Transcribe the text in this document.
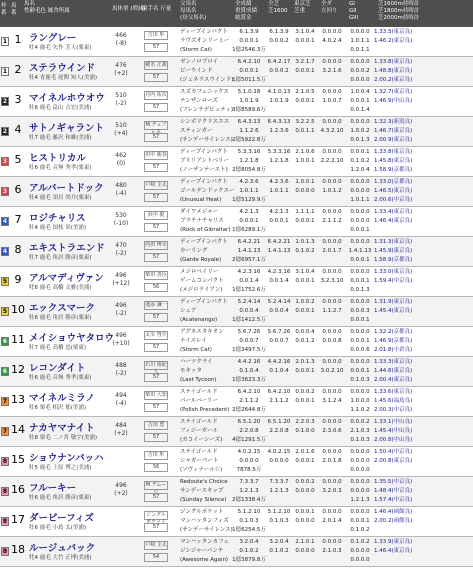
枠番
馬番
馬名
性齢毛色 厩舎所属	馬体重 (増減)
騎手名 斤量
父馬名
母馬名
(母父馬名)
全成績
重賞成績
総賞金
全芝
芝1600
東京芝
芝重
全ダ
左回り
GI
GII
GIII
芝1600m持時計
芝1800m持時計
芝2000m持時計
1 1 ラングレー
牡4 鹿毛 矢作 芳人(栗東)
466 (-8)
吉田 隼
57
ディープインパクト
ラヴズオンリーミー
(Storm Cat)
6.1.3.9
0.0.0.1
1億2546.3万
6.1.3.9
0.0.0.2
3.1.0.4
0.0.0.1
0.0.0.0
4.0.2.4
0.0.0.0
1.0.1.1
0.0.1.1
1.33.5(東京良)
1.46.2(東京良)
1 2 ステラウインド
牡4 青鹿毛 尾関 知人(美浦)
476 (+2)
蛯名 正義
57
ゼンノロブロイ
ビーウインド
(ジェネラスウインド)
6.4.2.10
0.0.0.1
1億5011.5万
6.4.2.17
0.0.0.2
3.2.1.7
0.0.0.1
0.0.0.0
3.2.1.6
0.0.0.0
0.0.0.2
0.0.0.0
1.33.8(東京良)
1.48.8(東京良)
2.00.2(東京良)
2 3 マイネルホウオウ
牡6 鹿毛 畠山 吉宏(美浦)
510 (-2)
丹内 祐次
57
スズカフェニックス
テンザンローズ
(フレンチデピュティ)
5.1.0.18
1.0.1.9
3億8589.6万
4.1.0.13
1.0.1.9
2.1.0.5
0.0.0.1
0.0.0.0
1.0.0.7
1.0.0.4
0.0.0.1
0.0.1.4
1.32.7(東京良)
1.46.9(中山良)
2 4 サトノギャラント
牡7 鹿毛 藤沢 和雄(美浦)
510 (+4)
M.デュプレス
57
シンボリクリスエス
スティンガー
(サンデーサイレンス)
6.4.3.13
1.1.2.6
2億5922.8万
6.4.3.13
1.2.3.6
3.2.2.5
0.0.1.1
0.0.0.0
4.3.2.10
0.0.0.0
1.0.0.2
0.0.1.3
1.32.3(新潟良)
1.46.7(東京良)
2.00.9(東京良)
3 5 ヒストリカル
牡6 鹿毛 音無 秀孝(栗東)
462 (0)
田中 勝春
57
ディープインパクト
ブリリアントベリー
(ノーザンテースト)
5.3.3.16
1.2.1.8
2億8054.8万
5.3.3.16
1.2.1.8
2.1.0.6
1.0.0.1
0.0.0.0
2.2.2.10
0.0.0.1
0.1.0.2
1.2.0.4
1.33.8(東京良)
1.45.8(東京良)
1.58.9(京都良)
3 6 アルバートドック
牡4 鹿毛 須貝 尚介(栗東)
480 (-4)
戸崎 圭太
57
ディープインパクト
ゴールデンドックエー
(Unusual Heat)
4.2.3.6
1.0.1.1
1億5129.9万
4.2.3.6
1.0.1.1
1.0.0.1
0.0.0.0
0.0.0.0
1.0.1.2
0.0.0.0
0.0.0.0
1.0.1.1
1.33.0(京都良)
1.46.5(東京良)
2.00.6(中京良)
4 7 ロジチャリス
牡4 鹿毛 国枝 栄(美浦)
530 (-10)
浜中 俊
57
ダイワメジャー
ブラチナチャリス
(Rock of Gibraltar)
4.2.1.3
0.0.0.1
1億6289.1万
4.2.1.3
0.0.0.1
1.1.1.1
0.0.0.1
0.0.0.0
2.1.1.2
0.0.0.0
0.0.0.0
0.0.0.1
1.33.4(東京良)
1.46.4(東京良)
4 8 エキストラエンド
牡7 鹿毛 角居 勝彦(栗東)
470 (-2)
内田 博幸
57
ディープインパクト
カーリング
(Garde Royale)
6.4.2.21
1.4.1.13
2億6957.1万
6.4.2.21
1.4.1.13
1.0.1.3
0.1.0.2
0.0.0.0
2.0.1.7
0.0.0.0
1.4.1.13
0.0.0.1
1.31.3(東京良)
1.45.9(東京良)
1.58.9(京都良)
5 9 アルマディヴァン
牝6 鹿毛 高橋 文雅(美浦)
496 (+12)
柴田 善臣
56
メジロベイリー
ゲームコンパクト
(メジロライアン)
4.2.3.16
0.0.1.4
1億1752.6万
4.2.3.16
0.0.1.4
3.1.0.4
0.0.0.1
0.0.0.0
3.2.3.10
0.0.0.0
0.0.0.1
0.0.1.3
1.33.0(東京良)
1.59.4(中京良)
5 10 エックスマーク
牡6 鹿毛 角居 勝彦(栗東)
496 (-2)
池添 謙一
57
ディープインパクト
シェア
(Acatenango)
5.2.4.14
0.0.0.4
1億1412.5万
5.2.4.14
0.0.0.4
1.0.0.2
0.0.0.1
0.0.0.0
1.1.2.7
0.0.0.0
0.0.0.3
0.0.0.1
1.31.9(東京良)
1.45.4(東京良)
6 11 メイショウヤタロウ
牡7 鹿毛 高橋 忠(栗東)
496 (+10)
太宰 啓介
57
アグネスタキオン
ナイスレイ
(Storm Cat)
5.6.7.26
0.0.0.7
1億3497.5万
5.6.7.26
0.0.0.7
0.0.0.4
0.0.1.2
0.0.0.0
0.0.0.8
0.0.0.0
0.0.0.1
0.0.0.6
1.32.2(京都良)
1.46.9(京都良)
2.01.8(小倉良)
6 12 レコンダイト
牡6 鹿毛 音無 秀孝(栗東)
488 (-2)
石川 裕紀人
57
ハーツクライ
モキッタ
(Last Tycoon)
4.4.2.16
0.1.0.4
1億3623.3万
4.4.2.16
0.1.0.4
2.0.1.3
0.0.0.1
0.0.0.0
3.0.2.10
0.0.0.0
0.0.0.1
0.1.0.3
1.33.3(東京良)
1.44.6(東京良)
2.00.4(東京良)
7 13 マイネルミラノ
牡6 栗毛 相沢 郁(美浦)
494 (-4)
柴田 大知
57
ステイゴールド
パールバーリー
(Polish Precedent)
6.4.2.10
2.1.1.2
2億2644.8万
6.4.2.10
2.1.1.2
0.0.0.2
0.0.0.1
0.0.0.0
3.1.2.4
0.0.0.0
1.0.0.0
1.1.0.2
1.33.6(東京良)
1.45.6(福島良)
2.00.3(中京良)
7 14 ナカヤマナイト
牡8 栗毛 二ノ宮 敬宇(美浦)
484 (+2)
吉田 豊
57
ステイゴールド
フィジーガール
(カコイーシーズ)
6.5.1.20
2.2.0.8
4億1291.5万
6.5.1.20
2.2.0.8
2.2.0.3
0.1.0.0
0.0.0.0
2.3.0.6
0.0.0.2
2.1.0.3
0.1.0.3
1.33.1(中山良)
1.45.4(中山良)
2.00.8(中山良)
8 15 ショウナンバッハ
牡5 鹿毛 上原 博之(美浦)
吉田 隼
56
ステイゴールド
シャガーペート
(ソヴィナールシ)
4.0.2.15
0.0.0.0
7878.5万
4.0.2.15
0.0.0.0
2.0.1.6
0.0.0.1
0.0.0.0
2.0.1.8
0.0.0.0
0.0.0.0
0.0.0.0
1.50.4(中京良)
2.00.8(東京良)
8 16 フルーキー
牡6 鹿毛 角居 勝彦(栗東)
496 (+2)
M.デムーロ
57
Redoute's Choice
サンデースキップ
(Sunday Silence)
7.3.3.7
1.2.1.3
2億1338.4万
7.3.3.7
1.2.1.3
0.0.0.2
0.0.0.0
0.0.0.0
3.2.0.3
0.0.0.0
0.0.0.0
1.2.1.3
1.35.5(中京良)
1.48.4(中京良)
1.57.4(中京良)
8 17 ダービーフィズ
牡6 鹿毛 小島 太(美浦)
ジングルポケット
57
ジングルポケット
マンハッタンフィズ
(サンデーサイレンス)
5.1.2.10
0.1.0.3
1億6254.5万
5.1.2.10
0.1.0.3
0.0.0.1
0.0.0.0
0.0.0.0
2.0.1.4
0.0.0.0
0.0.0.1
0.1.0.2
1.46.4(函館良)
2.00.2(函館良)
8 18 ルージュバック
牝4 鹿毛 大竹 正博(美浦)
戸崎 圭太
54
マンハッタンカフェ
ジンジャーパンチ
(Awesome Again)
3.2.0.4
0.1.0.2
1億3879.8万
3.2.0.4
0.1.0.2
2.1.0.1
0.0.0.0
0.0.0.0
2.1.0.3
0.1.0.2
0.0.0.0
0.0.0.0
1.33.9(東京良)
1.46.4(東京良)
